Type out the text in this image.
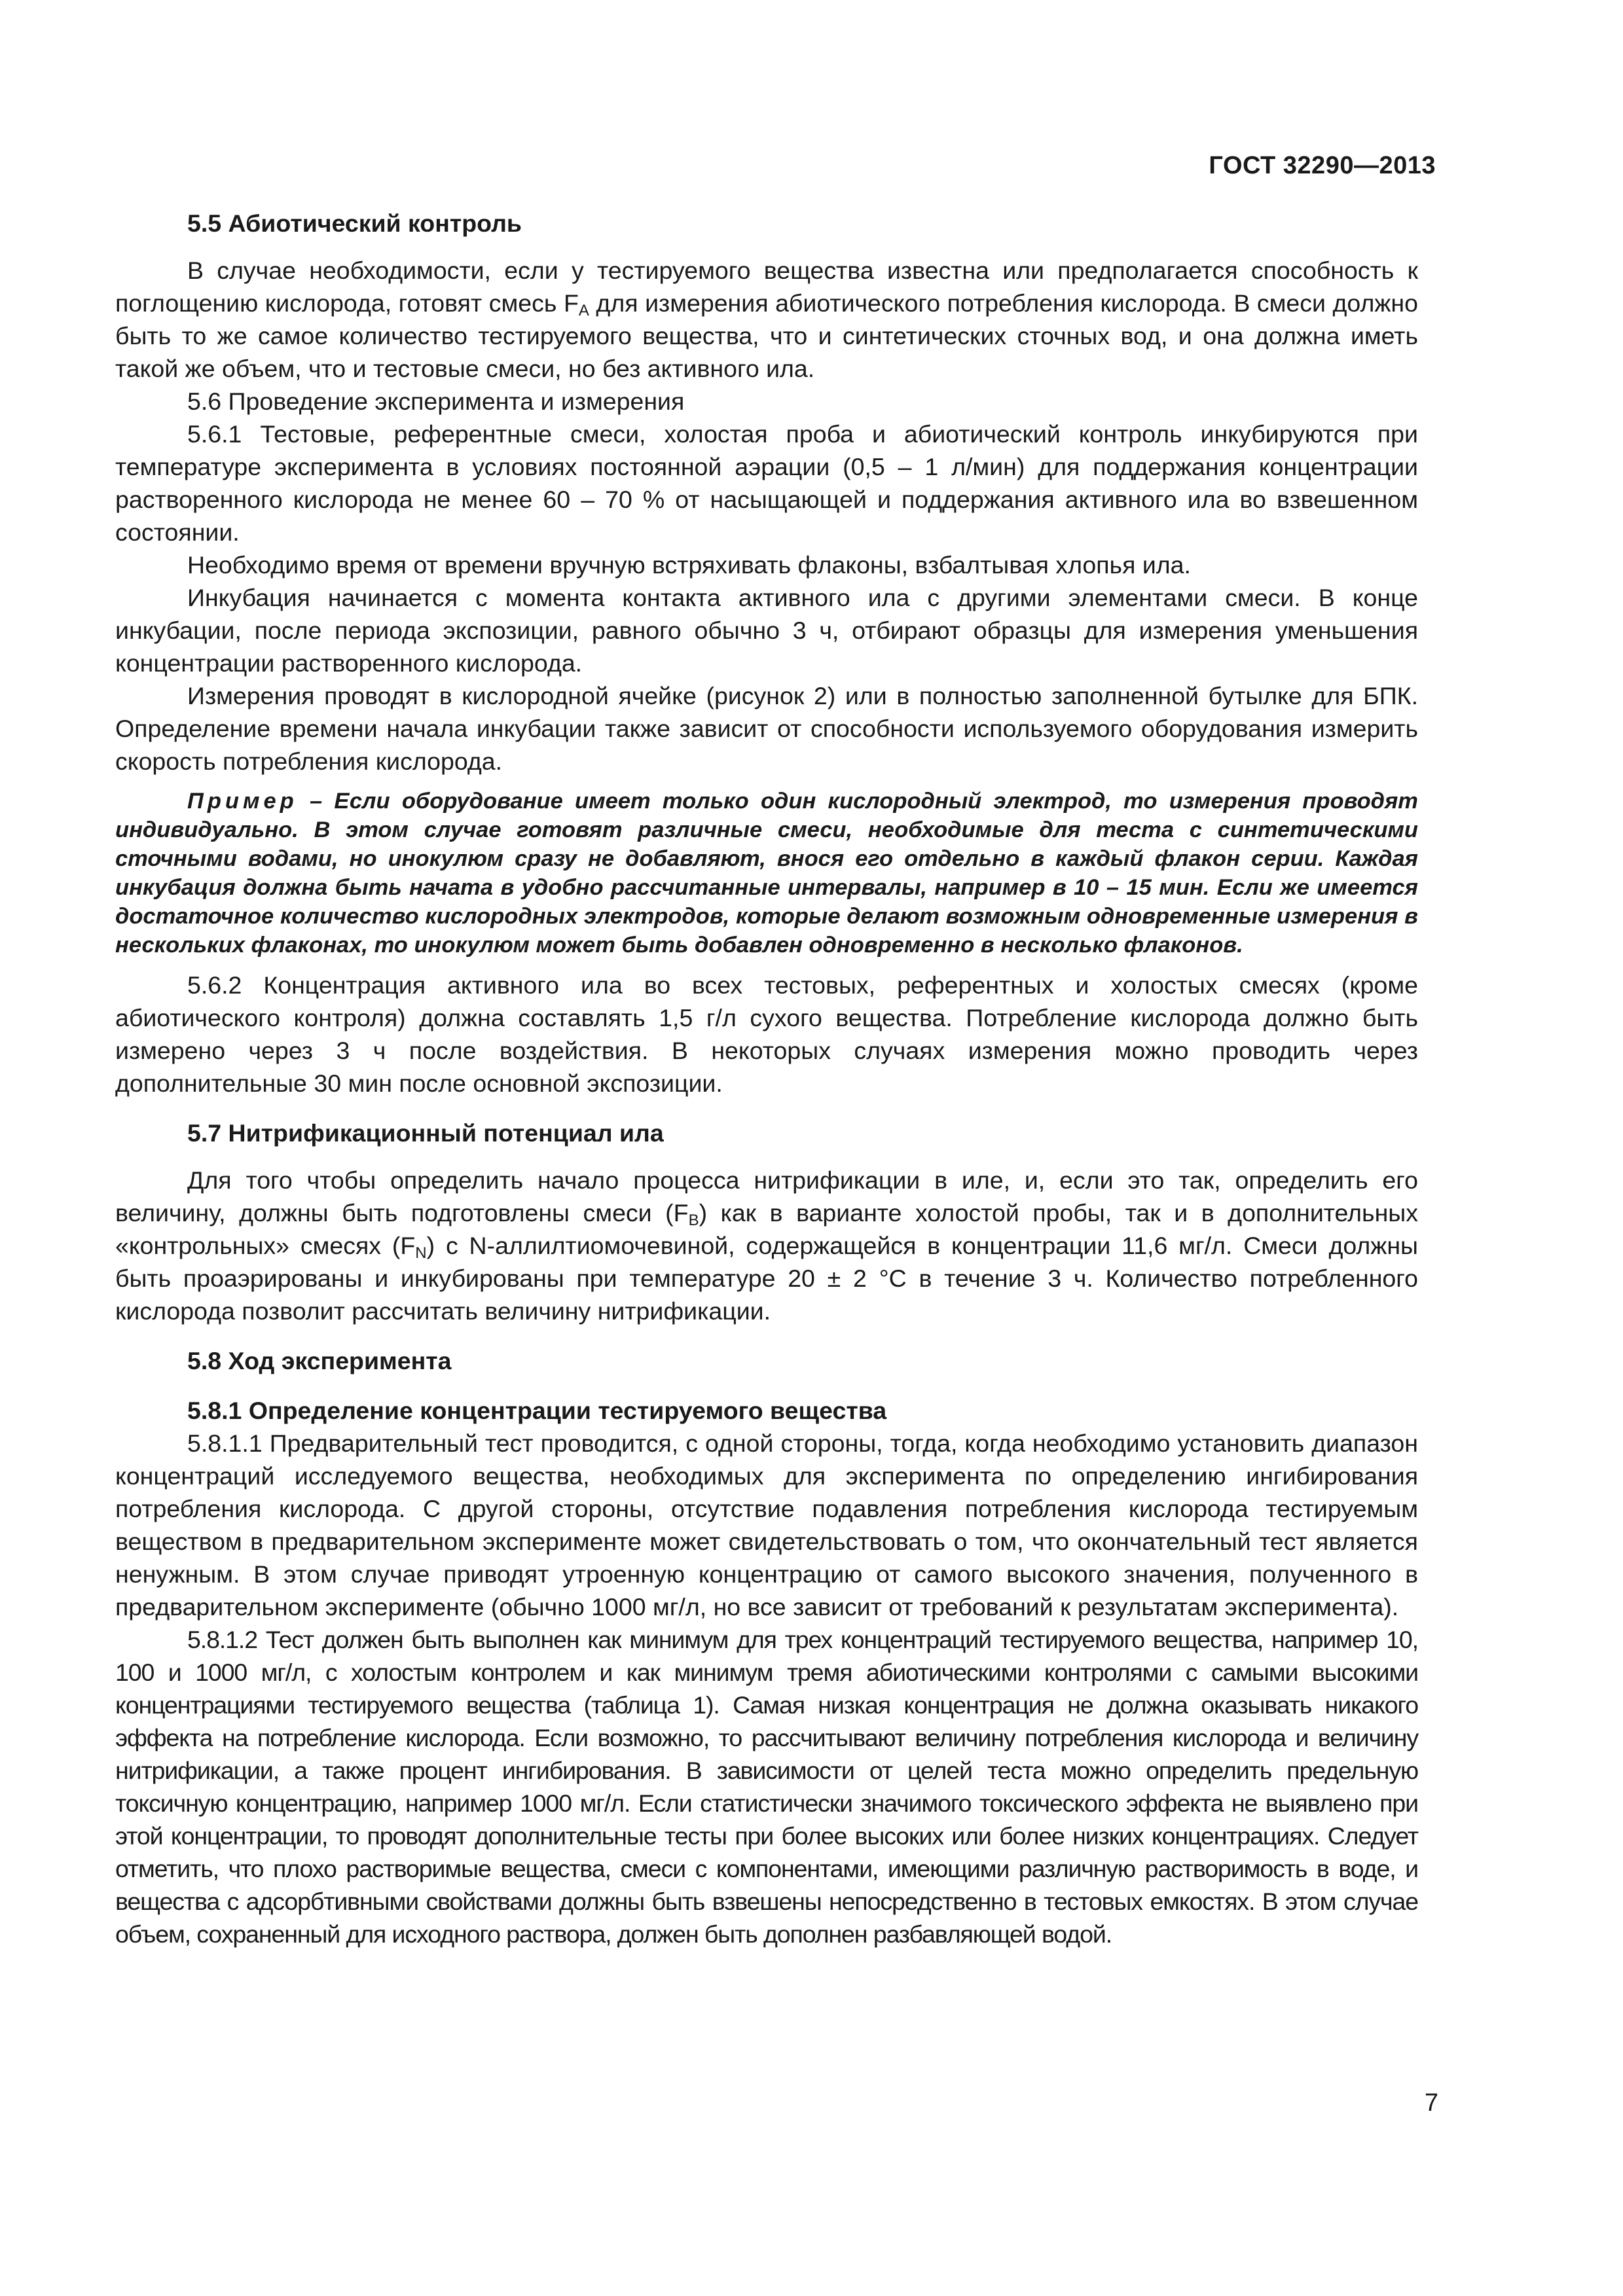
ГОСТ 32290—2013
5.5 Абиотический контроль

В случае необходимости, если у тестируемого вещества известна или предполагается способность к поглощению кислорода, готовят смесь $F_A$ для измерения абиотического потребления кислорода. В смеси должно быть то же самое количество тестируемого вещества, что и синтетических сточных вод, и она должна иметь такой же объем, что и тестовые смеси, но без активного ила.

5.6 Проведение эксперимента и измерения

5.6.1 Тестовые, референтные смеси, холостая проба и абиотический контроль инкубируются при температуре эксперимента в условиях постоянной аэрации (0,5 – 1 л/мин) для поддержания концентрации растворенного кислорода не менее 60 – 70 % от насыщающей и поддержания активного ила во взвешенном состоянии.

Необходимо время от времени вручную встряхивать флаконы, взбалтывая хлопья ила.

Инкубация начинается с момента контакта активного ила с другими элементами смеси. В конце инкубации, после периода экспозиции, равного обычно 3 ч, отбирают образцы для измерения уменьшения концентрации растворенного кислорода.

Измерения проводят в кислородной ячейке (рисунок 2) или в полностью заполненной бутылке для БПК. Определение времени начала инкубации также зависит от способности используемого оборудования измерить скорость потребления кислорода.

Пример – Если оборудование имеет только один кислородный электрод, то измерения проводят индивидуально. В этом случае готовят различные смеси, необходимые для теста с синтетическими сточными водами, но инокулюм сразу не добавляют, внося его отдельно в каждый флакон серии. Каждая инкубация должна быть начата в удобно рассчитанные интервалы, например в 10 – 15 мин. Если же имеется достаточное количество кислородных электродов, которые делают возможным одновременные измерения в нескольких флаконах, то инокулюм может быть добавлен одновременно в несколько флаконов.

5.6.2 Концентрация активного ила во всех тестовых, референтных и холостых смесях (кроме абиотического контроля) должна составлять 1,5 г/л сухого вещества. Потребление кислорода должно быть измерено через 3 ч после воздействия. В некоторых случаях измерения можно проводить через дополнительные 30 мин после основной экспозиции.

5.7 Нитрификационный потенциал ила

Для того чтобы определить начало процесса нитрификации в иле, и, если это так, определить его величину, должны быть подготовлены смеси $(F_B)$ как в варианте холостой пробы, так и в дополнительных «контрольных» смесях $(F_N)$ с N-аллилтиомочевиной, содержащейся в концентрации 11,6 мг/л. Смеси должны быть проаэрированы и инкубированы при температуре 20 ± 2 °С в течение 3 ч. Количество потребленного кислорода позволит рассчитать величину нитрификации.

5.8 Ход эксперимента
5.8.1 Определение концентрации тестируемого вещества

5.8.1.1 Предварительный тест проводится, с одной стороны, тогда, когда необходимо установить диапазон концентраций исследуемого вещества, необходимых для эксперимента по определению ингибирования потребления кислорода. С другой стороны, отсутствие подавления потребления кислорода тестируемым веществом в предварительном эксперименте может свидетельствовать о том, что окончательный тест является ненужным. В этом случае приводят утроенную концентрацию от самого высокого значения, полученного в предварительном эксперименте (обычно 1000 мг/л, но все зависит от требований к результатам эксперимента).

5.8.1.2 Тест должен быть выполнен как минимум для трех концентраций тестируемого вещества, например 10, 100 и 1000 мг/л, с холостым контролем и как минимум тремя абиотическими контролями с самыми высокими концентрациями тестируемого вещества (таблица 1). Самая низкая концентрация не должна оказывать никакого эффекта на потребление кислорода. Если возможно, то рассчитывают величину потребления кислорода и величину нитрификации, а также процент ингибирования. В зависимости от целей теста можно определить предельную токсичную концентрацию, например 1000 мг/л. Если статистически значимого токсического эффекта не выявлено при этой концентрации, то проводят дополнительные тесты при более высоких или более низких концентрациях. Следует отметить, что плохо растворимые вещества, смеси с компонентами, имеющими различную растворимость в воде, и вещества с адсорбтивными свойствами должны быть взвешены непосредственно в тестовых емкостях. В этом случае объем, сохраненный для исходного раствора, должен быть дополнен разбавляющей водой.

7
